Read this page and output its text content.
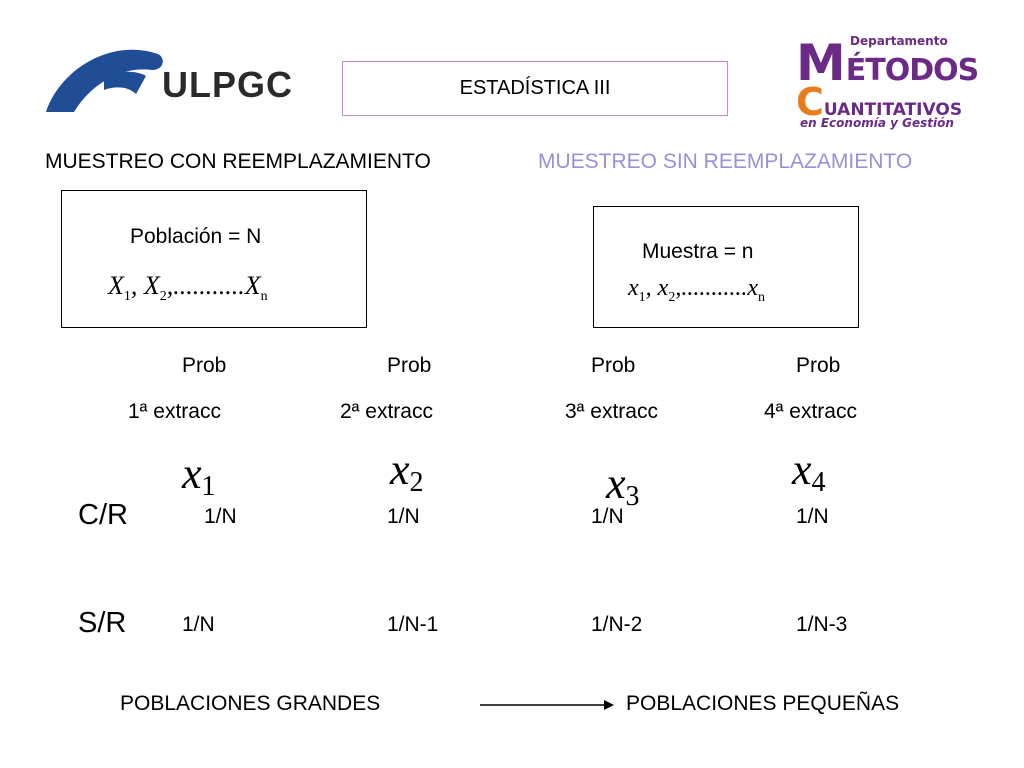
ULPGC
Departamento
MÉTODOS
CUANTITATIVOS
en Economía y Gestión
ESTADÍSTICA III
MUESTREO CON REEMPLAZAMIENTO	MUESTREO SIN REEMPLAZAMIENTO
Población = N
$X_1$, $X_2,...........X_n$
Muestra = n
$x_1$, $x_2,...........x_n$
Prob
1ª extracc
$x_1$
1/N
1/N
Prob
2ª extracc
$x_2$
1/N
1/N-1
Prob
3ª extracc
$x_3$
1/N
1/N-2
Prob
4ª extracc
$x_4$
1/N
1/N-3
C/R
S/R
POBLACIONES GRANDES	POBLACIONES PEQUEÑAS
